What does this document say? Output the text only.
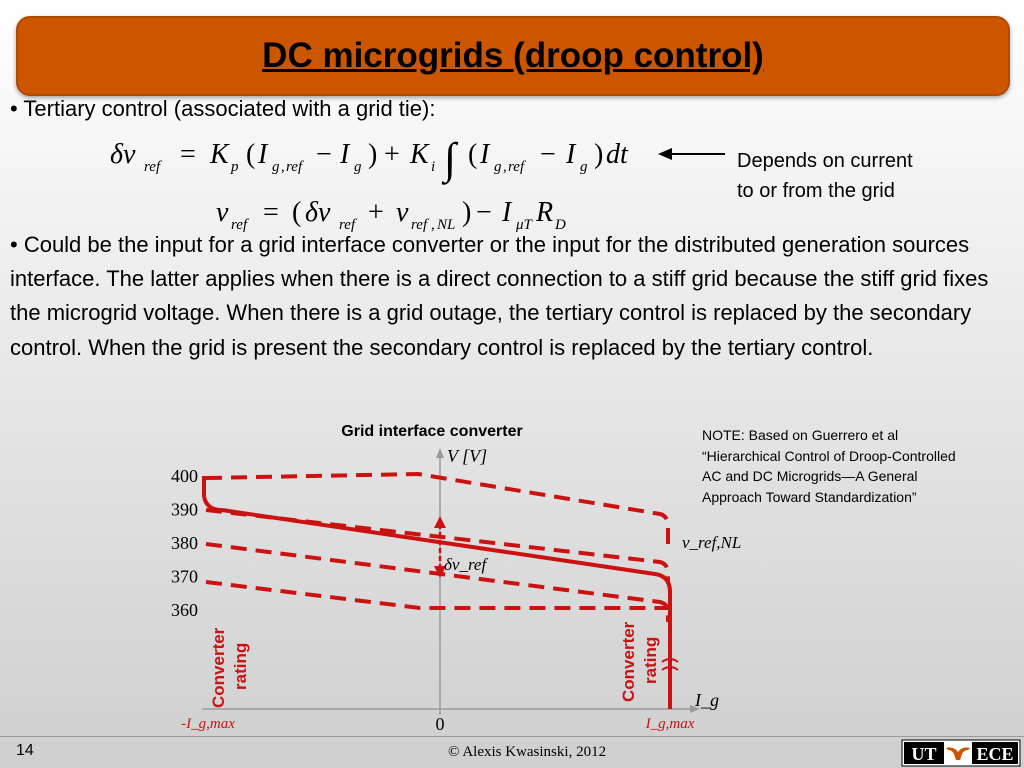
DC microgrids (droop control)
• Tertiary control (associated with a grid tie):
δv ref = K p ( I g , ref − I g ) + K i ∫ ( I g , ref − I g ) dt
v ref = ( δv ref + v ref , NL ) − I μT R D
Depends on current
to or from the grid
• Could be the input for a grid interface converter or the input for the distributed generation sources interface. The latter applies when there is a direct connection to a stiff grid because the stiff grid fixes the microgrid voltage. When there is a grid outage, the tertiary control is replaced by the secondary control. When the grid is present the secondary control is replaced by the tertiary control.
NOTE: Based on Guerrero et al
“Hierarchical Control of Droop-Controlled
AC and DC Microgrids—A General
Approach Toward Standardization”
Grid interface converter
400
390
380
370
360
V [V]
I_g
0
-I_g,max	I_g,max
v_ref,NL
δv_ref
Converter rating	Converter rating
14	© Alexis Kwasinski, 2012	UT ECE
